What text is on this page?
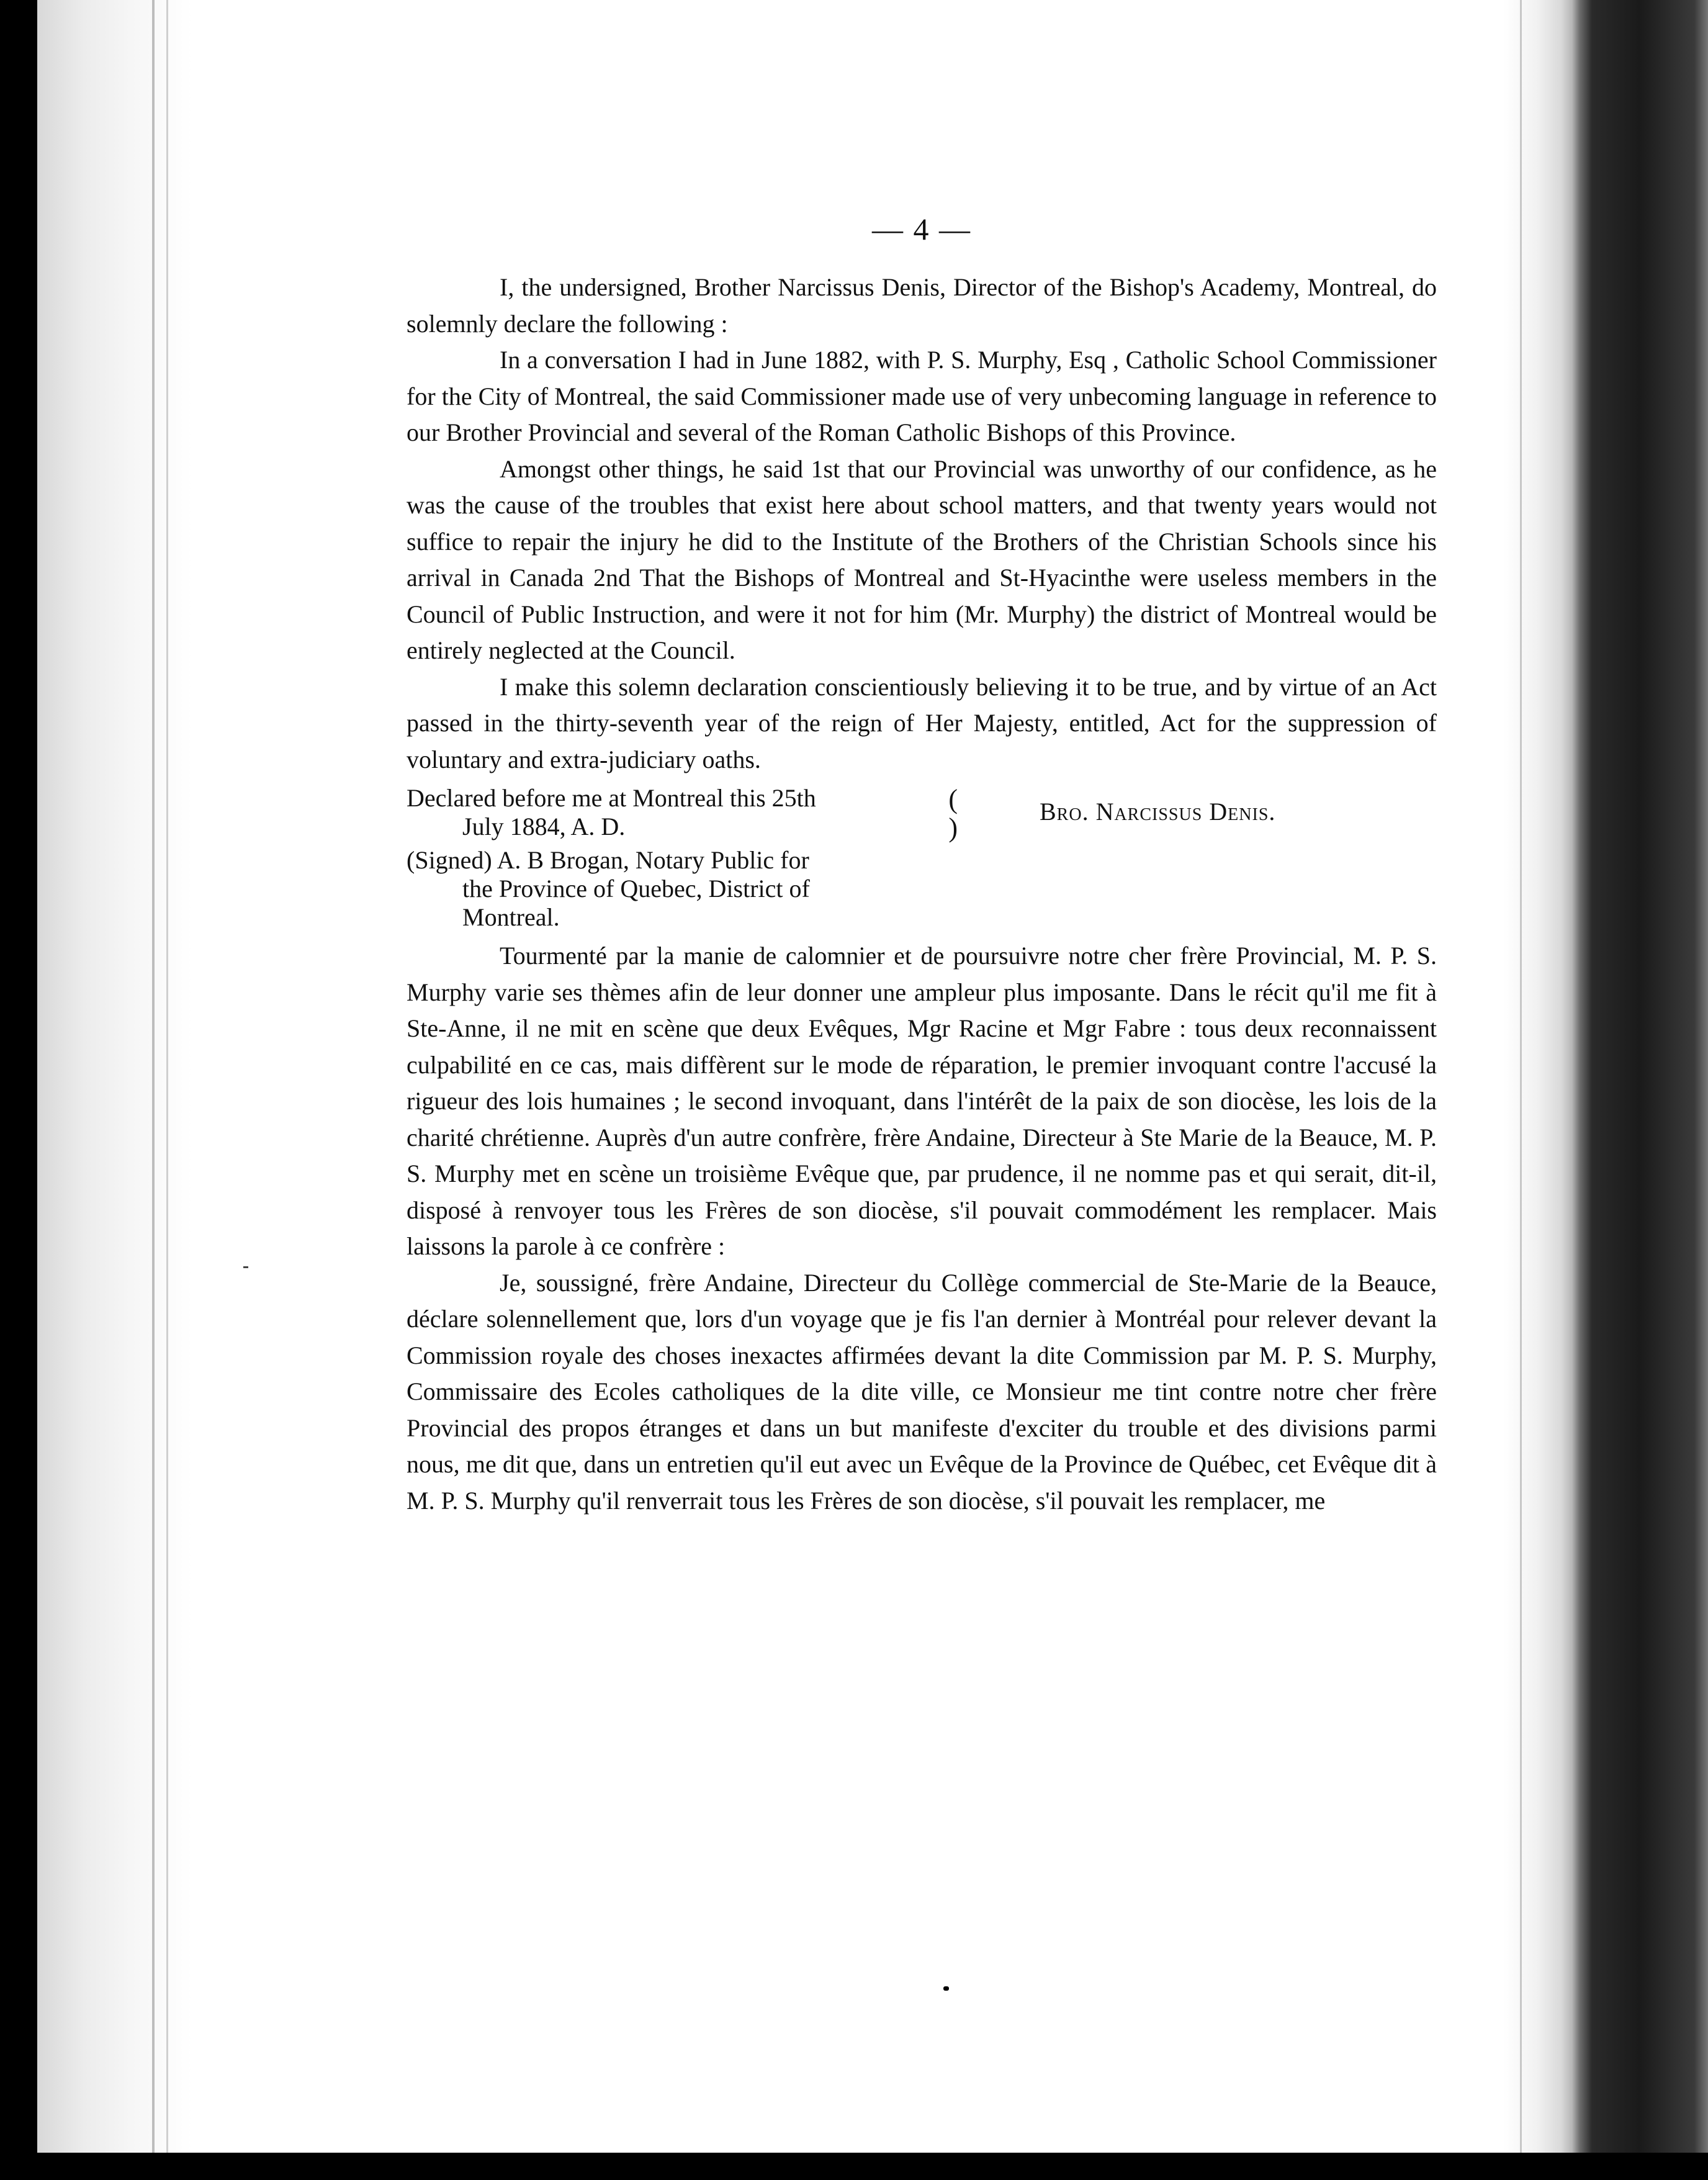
— 4 —

I, the undersigned, Brother Narcissus Denis, Director of the Bishop's Academy, Montreal, do solemnly declare the following :

In a conversation I had in June 1882, with P. S. Murphy, Esq , Catholic School Commissioner for the City of Montreal, the said Commissioner made use of very unbecoming language in reference to our Brother Provincial and several of the Roman Catholic Bishops of this Province.

Amongst other things, he said 1st that our Provincial was unworthy of our confidence, as he was the cause of the troubles that exist here about school matters, and that twenty years would not suffice to repair the injury he did to the Institute of the Brothers of the Christian Schools since his arrival in Canada 2nd That the Bishops of Montreal and St-Hyacinthe were useless members in the Council of Public Instruction, and were it not for him (Mr. Murphy) the district of Montreal would be entirely neglected at the Council.

I make this solemn declaration conscientiously believing it to be true, and by virtue of an Act passed in the thirty-seventh year of the reign of Her Majesty, entitled, Act for the suppression of voluntary and extra-judiciary oaths.

Declared before me at Montreal this 25th
July 1884, A. D.
(
)
(Signed) A. B Brogan, Notary Public for
the Province of Quebec, District of
Montreal.
Bro. Narcissus Denis.

Tourmenté par la manie de calomnier et de poursuivre notre cher frère Provincial, M. P. S. Murphy varie ses thèmes afin de leur donner une ampleur plus imposante. Dans le récit qu'il me fit à Ste-Anne, il ne mit en scène que deux Evêques, Mgr Racine et Mgr Fabre : tous deux reconnaissent culpabilité en ce cas, mais diffèrent sur le mode de réparation, le premier invoquant contre l'accusé la rigueur des lois humaines ; le second invoquant, dans l'intérêt de la paix de son diocèse, les lois de la charité chrétienne. Auprès d'un autre confrère, frère Andaine, Directeur à Ste Marie de la Beauce, M. P. S. Murphy met en scène un troisième Evêque que, par prudence, il ne nomme pas et qui serait, dit-il, disposé à renvoyer tous les Frères de son diocèse, s'il pouvait commodément les remplacer. Mais laissons la parole à ce confrère :

Je, soussigné, frère Andaine, Directeur du Collège commercial de Ste-Marie de la Beauce, déclare solennellement que, lors d'un voyage que je fis l'an dernier à Montréal pour relever devant la Commission royale des choses inexactes affirmées devant la dite Commission par M. P. S. Murphy, Commissaire des Ecoles catholiques de la dite ville, ce Monsieur me tint contre notre cher frère Provincial des propos étranges et dans un but manifeste d'exciter du trouble et des divisions parmi nous, me dit que, dans un entretien qu'il eut avec un Evêque de la Province de Québec, cet Evêque dit à M. P. S. Murphy qu'il renverrait tous les Frères de son diocèse, s'il pouvait les remplacer, me
